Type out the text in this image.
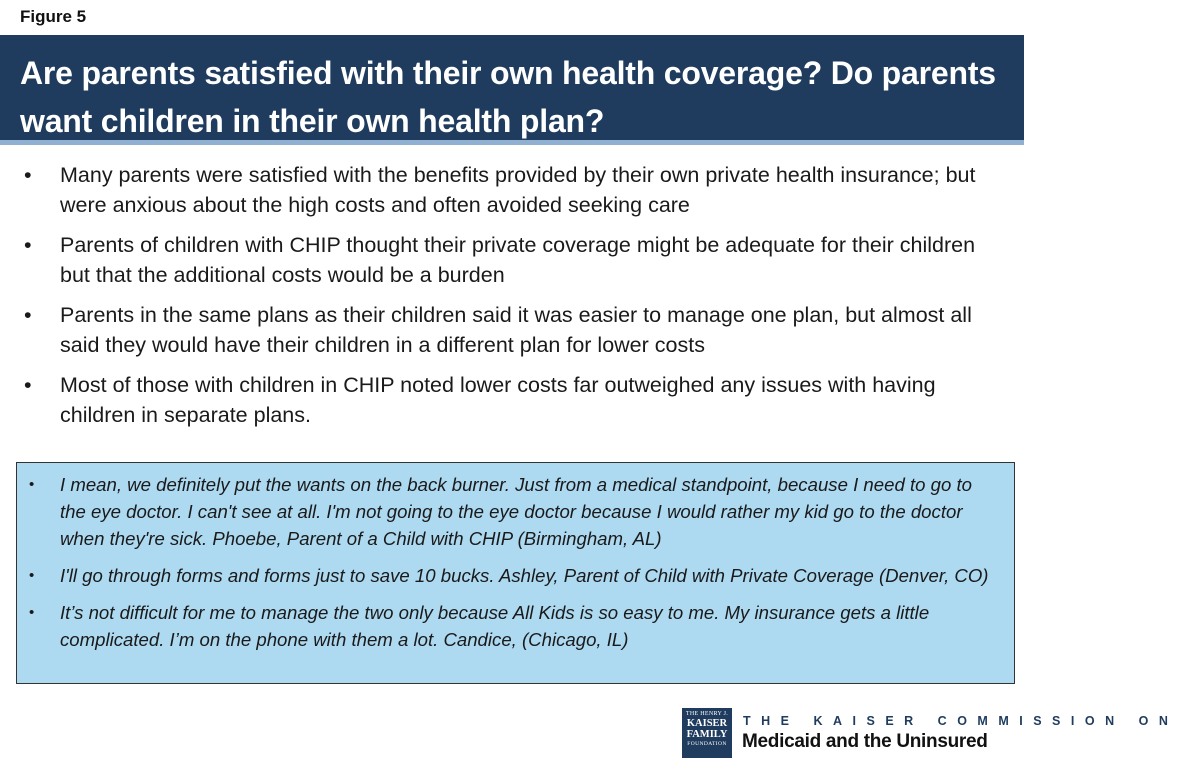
Figure 5
Are parents satisfied with their own health coverage? Do parents want children in their own health plan?
• Many parents were satisfied with the benefits provided by their own private health insurance; but were anxious about the high costs and often avoided seeking care
• Parents of children with CHIP thought their private coverage might be adequate for their children but that the additional costs would be a burden
• Parents in the same plans as their children said it was easier to manage one plan, but almost all said they would have their children in a different plan for lower costs
• Most of those with children in CHIP noted lower costs far outweighed any issues with having children in separate plans.
• I mean, we definitely put the wants on the back burner. Just from a medical standpoint, because I need to go to the eye doctor. I can't see at all. I'm not going to the eye doctor because I would rather my kid go to the doctor when they're sick. Phoebe, Parent of a Child with CHIP (Birmingham, AL)
• I'll go through forms and forms just to save 10 bucks. Ashley, Parent of Child with Private Coverage (Denver, CO)
• It’s not difficult for me to manage the two only because All Kids is so easy to me. My insurance gets a little complicated. I’m on the phone with them a lot. Candice, (Chicago, IL)
THE HENRY J.
KAISER
FAMILY
FOUNDATION
THE KAISER COMMISSION ON
Medicaid and the Uninsured
